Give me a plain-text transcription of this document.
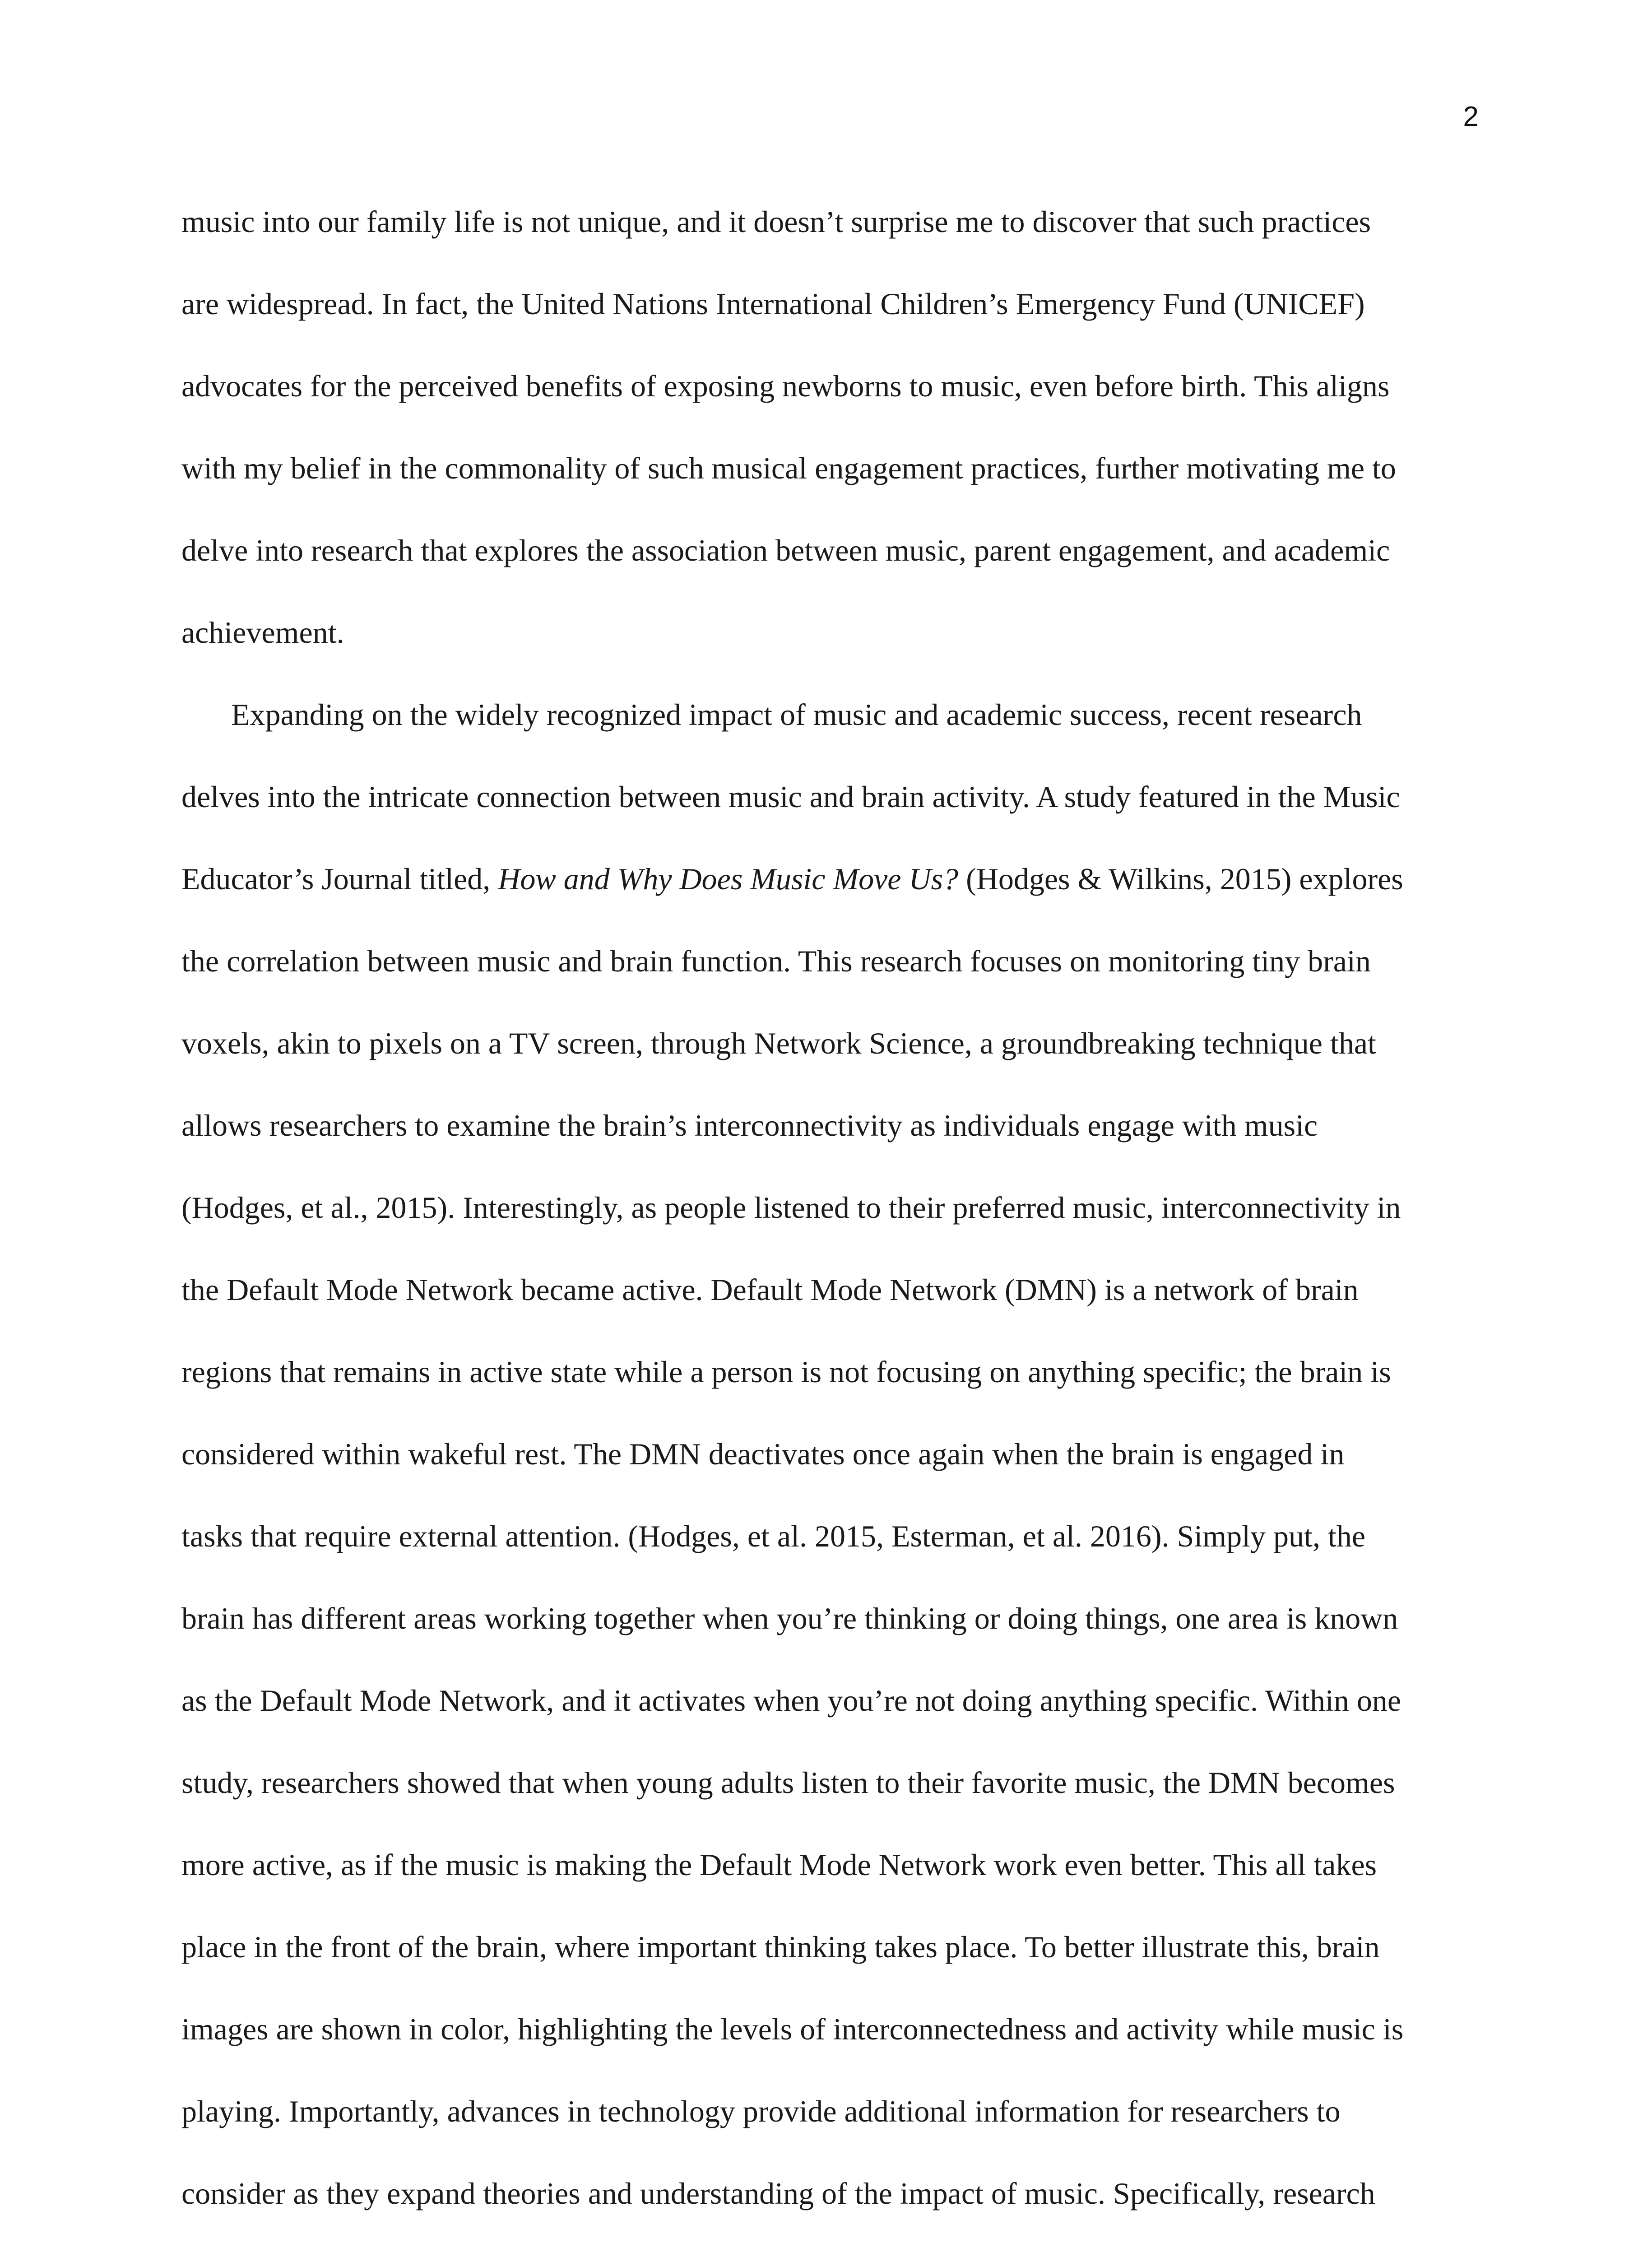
2
music into our family life is not unique, and it doesn’t surprise me to discover that such practices
are widespread. In fact, the United Nations International Children’s Emergency Fund (UNICEF)
advocates for the perceived benefits of exposing newborns to music, even before birth. This aligns
with my belief in the commonality of such musical engagement practices, further motivating me to
delve into research that explores the association between music, parent engagement, and academic
achievement.
Expanding on the widely recognized impact of music and academic success, recent research
delves into the intricate connection between music and brain activity. A study featured in the Music
Educator’s Journal titled, How and Why Does Music Move Us? (Hodges & Wilkins, 2015) explores
the correlation between music and brain function. This research focuses on monitoring tiny brain
voxels, akin to pixels on a TV screen, through Network Science, a groundbreaking technique that
allows researchers to examine the brain’s interconnectivity as individuals engage with music
(Hodges, et al., 2015). Interestingly, as people listened to their preferred music, interconnectivity in
the Default Mode Network became active. Default Mode Network (DMN) is a network of brain
regions that remains in active state while a person is not focusing on anything specific; the brain is
considered within wakeful rest. The DMN deactivates once again when the brain is engaged in
tasks that require external attention. (Hodges, et al. 2015, Esterman, et al. 2016). Simply put, the
brain has different areas working together when you’re thinking or doing things, one area is known
as the Default Mode Network, and it activates when you’re not doing anything specific. Within one
study, researchers showed that when young adults listen to their favorite music, the DMN becomes
more active, as if the music is making the Default Mode Network work even better. This all takes
place in the front of the brain, where important thinking takes place. To better illustrate this, brain
images are shown in color, highlighting the levels of interconnectedness and activity while music is
playing. Importantly, advances in technology provide additional information for researchers to
consider as they expand theories and understanding of the impact of music. Specifically, research
